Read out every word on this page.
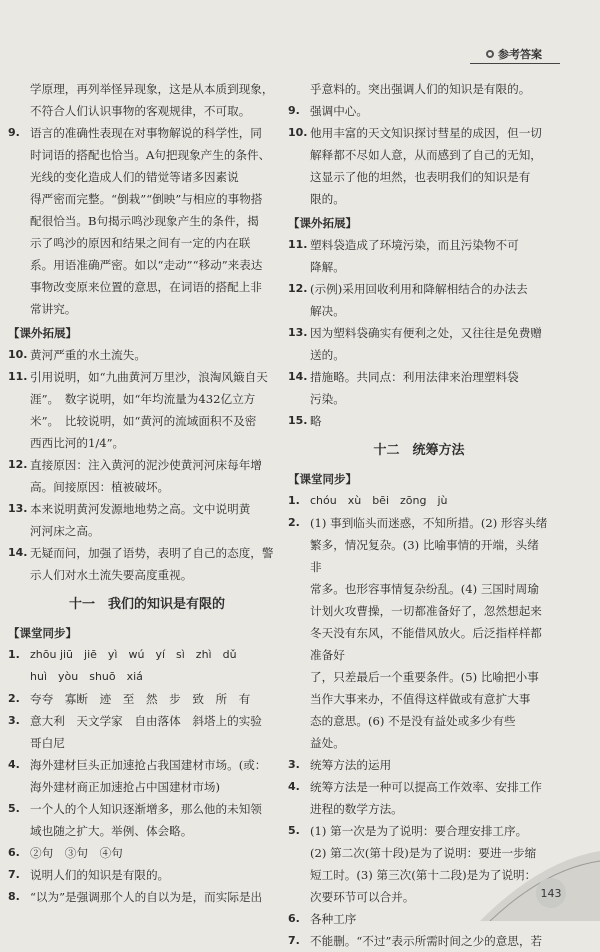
参考答案
学原理，再列举怪异现象，这是从本质到现象，
不符合人们认识事物的客观规律，不可取。
9. 语言的准确性表现在对事物解说的科学性，同
时词语的搭配也恰当。A句把现象产生的条件、
光线的变化造成人们的错觉等诸多因素说
得严密而完整。“倒栽”“倒映”与相应的事物搭
配很恰当。B句揭示鸣沙现象产生的条件，揭
示了鸣沙的原因和结果之间有一定的内在联
系。用语准确严密。如以“走动”“移动”来表达
事物改变原来位置的意思，在词语的搭配上非
常讲究。
【课外拓展】
10. 黄河严重的水土流失。
11. 引用说明，如“九曲黄河万里沙，浪淘风簸自天
涯”。　数字说明，如“年均流量为432亿立方
米”。　比较说明，如“黄河的流域面积不及密
西西比河的1/4”。
12. 直接原因：注入黄河的泥沙使黄河河床每年增
高。间接原因：植被破坏。
13. 本来说明黄河发源地地势之高。文中说明黄
河河床之高。
14. 无疑而问，加强了语势，表明了自己的态度，警
示人们对水土流失要高度重视。
十一　我们的知识是有限的
【课堂同步】
1. zhōu jiū　jiē　yì　wú　yí　sì　zhì　dǔ
huì　yòu　shuō　xiá
2. 夸夸　寡断　迹　至　然　步　致　所　有
3. 意大利　天文学家　自由落体　斜塔上的实验
哥白尼
4. 海外建材巨头正加速抢占我国建材市场。(或：
海外建材商正加速抢占中国建材市场)
5. 一个人的个人知识逐渐增多，那么他的未知领
域也随之扩大。举例、体会略。
6. ②句　③句　④句
7. 说明人们的知识是有限的。
8. “以为”是强调那个人的自以为是，而实际是出
乎意料的。突出强调人们的知识是有限的。
9. 强调中心。
10. 他用丰富的天文知识探讨彗星的成因，但一切
解释都不尽如人意，从而感到了自己的无知，
这显示了他的坦然，也表明我们的知识是有
限的。
【课外拓展】
11. 塑料袋造成了环境污染，而且污染物不可
降解。
12. (示例)采用回收利用和降解相结合的办法去
解决。
13. 因为塑料袋确实有便利之处，又往往是免费赠
送的。
14. 措施略。共同点：利用法律来治理塑料袋
污染。
15. 略
十二　统筹方法
【课堂同步】
1. chóu　xù　bēi　zōng　jù
2. (1) 事到临头而迷惑，不知所措。(2) 形容头绪
繁多，情况复杂。(3) 比喻事情的开端，头绪非
常多。也形容事情复杂纷乱。(4) 三国时周瑜
计划火攻曹操，一切都准备好了，忽然想起来
冬天没有东风，不能借风放火。后泛指样样都准备好
了，只差最后一个重要条件。(5) 比喻把小事
当作大事来办，不值得这样做或有意扩大事
态的意思。(6) 不是没有益处或多少有些
益处。
3. 统筹方法的运用
4. 统筹方法是一种可以提高工作效率、安排工作
进程的数学方法。
5. (1) 第一次是为了说明：要合理安排工序。
(2) 第二次(第十段)是为了说明：要进一步缩
短工时。(3) 第三次(第十二段)是为了说明：
次要环节可以合并。
6. 各种工序
7. 不能删。“不过”表示所需时间之少的意思，若
143
